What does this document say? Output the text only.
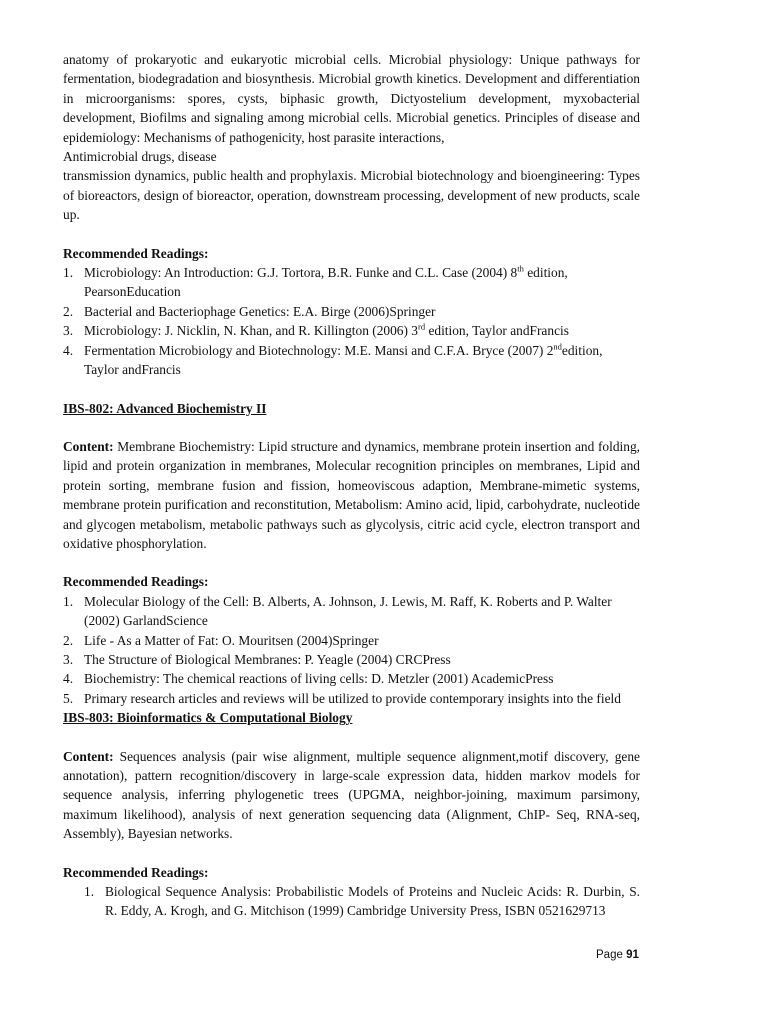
anatomy of prokaryotic and eukaryotic microbial cells. Microbial physiology: Unique pathways for fermentation, biodegradation and biosynthesis. Microbial growth kinetics. Development and differentiation in microorganisms: spores, cysts, biphasic growth, Dictyostelium development, myxobacterial development, Biofilms and signaling among microbial cells. Microbial genetics. Principles of disease and epidemiology: Mechanisms of pathogenicity, host parasite interactions,

Antimicrobial drugs, disease

transmission dynamics, public health and prophylaxis. Microbial biotechnology and bioengineering: Types of bioreactors, design of bioreactor, operation, downstream processing, development of new products, scale up.

Recommended Readings:

1. Microbiology: An Introduction: G.J. Tortora, B.R. Funke and C.L. Case (2004) 8th edition, PearsonEducation
2. Bacterial and Bacteriophage Genetics: E.A. Birge (2006)Springer
3. Microbiology: J. Nicklin, N. Khan, and R. Killington (2006) 3rd edition, Taylor andFrancis
4. Fermentation Microbiology and Biotechnology: M.E. Mansi and C.F.A. Bryce (2007) 2ndedition, Taylor andFrancis

IBS-802: Advanced Biochemistry II

Content: Membrane Biochemistry: Lipid structure and dynamics, membrane protein insertion and folding, lipid and protein organization in membranes, Molecular recognition principles on membranes, Lipid and protein sorting, membrane fusion and fission, homeoviscous adaption, Membrane-mimetic systems, membrane protein purification and reconstitution, Metabolism: Amino acid, lipid, carbohydrate, nucleotide and glycogen metabolism, metabolic pathways such as glycolysis, citric acid cycle, electron transport and oxidative phosphorylation.

Recommended Readings:

1. Molecular Biology of the Cell: B. Alberts, A. Johnson, J. Lewis, M. Raff, K. Roberts and P. Walter (2002) GarlandScience
2. Life - As a Matter of Fat: O. Mouritsen (2004)Springer
3. The Structure of Biological Membranes: P. Yeagle (2004) CRCPress
4. Biochemistry: The chemical reactions of living cells: D. Metzler (2001) AcademicPress
5. Primary research articles and reviews will be utilized to provide contemporary insights into the field

IBS-803: Bioinformatics & Computational Biology

Content: Sequences analysis (pair wise alignment, multiple sequence alignment,motif discovery, gene annotation), pattern recognition/discovery in large-scale expression data, hidden markov models for sequence analysis, inferring phylogenetic trees (UPGMA, neighbor-joining, maximum parsimony, maximum likelihood), analysis of next generation sequencing data (Alignment, ChIP- Seq, RNA-seq, Assembly), Bayesian networks.

Recommended Readings:

1. Biological Sequence Analysis: Probabilistic Models of Proteins and Nucleic Acids: R. Durbin, S. R. Eddy, A. Krogh, and G. Mitchison (1999) Cambridge University Press, ISBN 0521629713
Page 91
